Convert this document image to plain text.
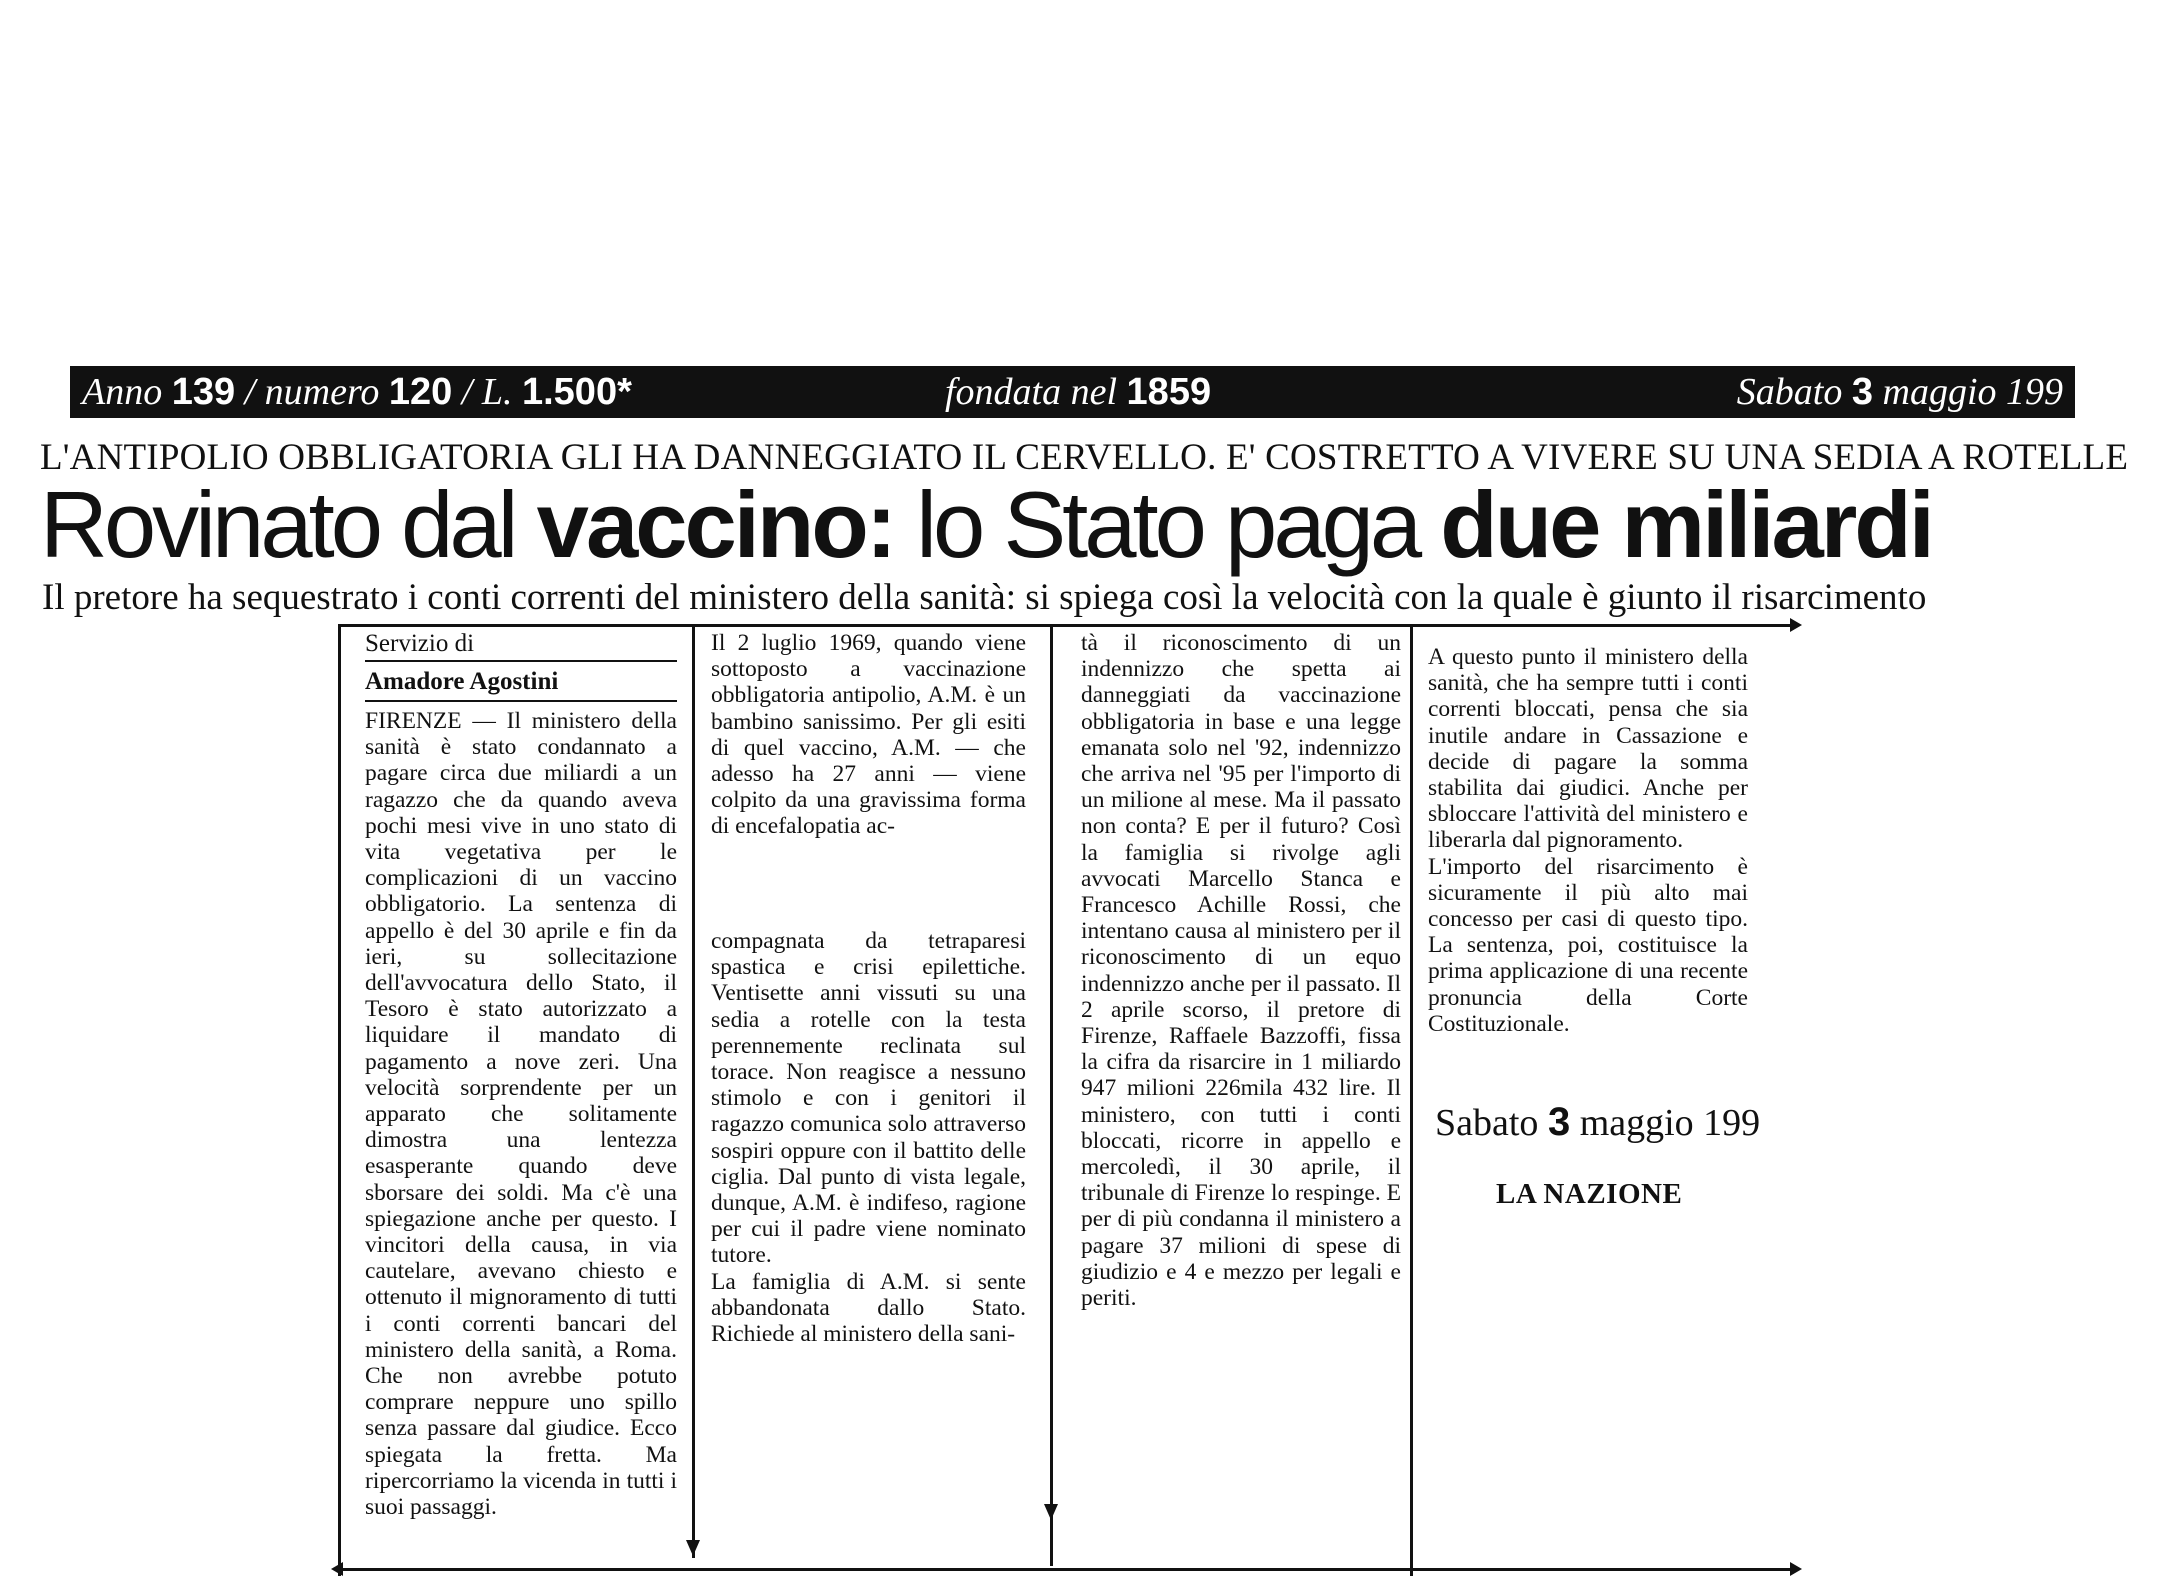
Anno 139 / numero 120 / L. 1.500*	fondata nel 1859	Sabato 3 maggio 199
L'ANTIPOLIO OBBLIGATORIA GLI HA DANNEGGIATO IL CERVELLO. E' COSTRETTO A VIVERE SU UNA SEDIA A ROTELLE
Rovinato dal vaccino: lo Stato paga due miliardi
Il pretore ha sequestrato i conti correnti del ministero della sanità: si spiega così la velocità con la quale è giunto il risarcimento
Servizio di
Amadore Agostini

FIRENZE — Il ministero della sanità è stato condannato a pagare circa due miliardi a un ragazzo che da quando aveva pochi mesi vive in uno stato di vita vegetativa per le complicazioni di un vaccino obbligatorio. La sentenza di appello è del 30 aprile e fin da ieri, su sollecitazione dell'avvocatura dello Stato, il Tesoro è stato autorizzato a liquidare il mandato di pagamento a nove zeri. Una velocità sorprendente per un apparato che solitamente dimostra una lentezza esasperante quando deve sborsare dei soldi. Ma c'è una spiegazione anche per questo. I vincitori della causa, in via cautelare, avevano chiesto e ottenuto il mignoramento di tutti i conti correnti bancari del ministero della sanità, a Roma. Che non avrebbe potuto comprare neppure uno spillo senza passare dal giudice. Ecco spiegata la fretta. Ma ripercorriamo la vicenda in tutti i suoi passaggi.

Il 2 luglio 1969, quando viene sottoposto a vaccinazione obbligatoria antipolio, A.M. è un bambino sanissimo. Per gli esiti di quel vaccino, A.M. — che adesso ha 27 anni — viene colpito da una gravissima forma di encefalopatia ac-

compagnata da tetraparesi spastica e crisi epilettiche. Ventisette anni vissuti su una sedia a rotelle con la testa perennemente reclinata sul torace. Non reagisce a nessuno stimolo e con i genitori il ragazzo comunica solo attraverso sospiri oppure con il battito delle ciglia. Dal punto di vista legale, dunque, A.M. è indifeso, ragione per cui il padre viene nominato tutore.

La famiglia di A.M. si sente abbandonata dallo Stato. Richiede al ministero della sani-

tà il riconoscimento di un indennizzo che spetta ai danneggiati da vaccinazione obbligatoria in base e una legge emanata solo nel '92, indennizzo che arriva nel '95 per l'importo di un milione al mese. Ma il passato non conta? E per il futuro? Così la famiglia si rivolge agli avvocati Marcello Stanca e Francesco Achille Rossi, che intentano causa al ministero per il riconoscimento di un equo indennizzo anche per il passato. Il 2 aprile scorso, il pretore di Firenze, Raffaele Bazzoffi, fissa la cifra da risarcire in 1 miliardo 947 milioni 226mila 432 lire. Il ministero, con tutti i conti bloccati, ricorre in appello e mercoledì, il 30 aprile, il tribunale di Firenze lo respinge. E per di più condanna il ministero a pagare 37 milioni di spese di giudizio e 4 e mezzo per legali e periti.

A questo punto il ministero della sanità, che ha sempre tutti i conti correnti bloccati, pensa che sia inutile andare in Cassazione e decide di pagare la somma stabilita dai giudici. Anche per sbloccare l'attività del ministero e liberarla dal pignoramento.

L'importo del risarcimento è sicuramente il più alto mai concesso per casi di questo tipo. La sentenza, poi, costituisce la prima applicazione di una recente pronuncia della Corte Costituzionale.

Sabato 3 maggio 199
LA NAZIONE
